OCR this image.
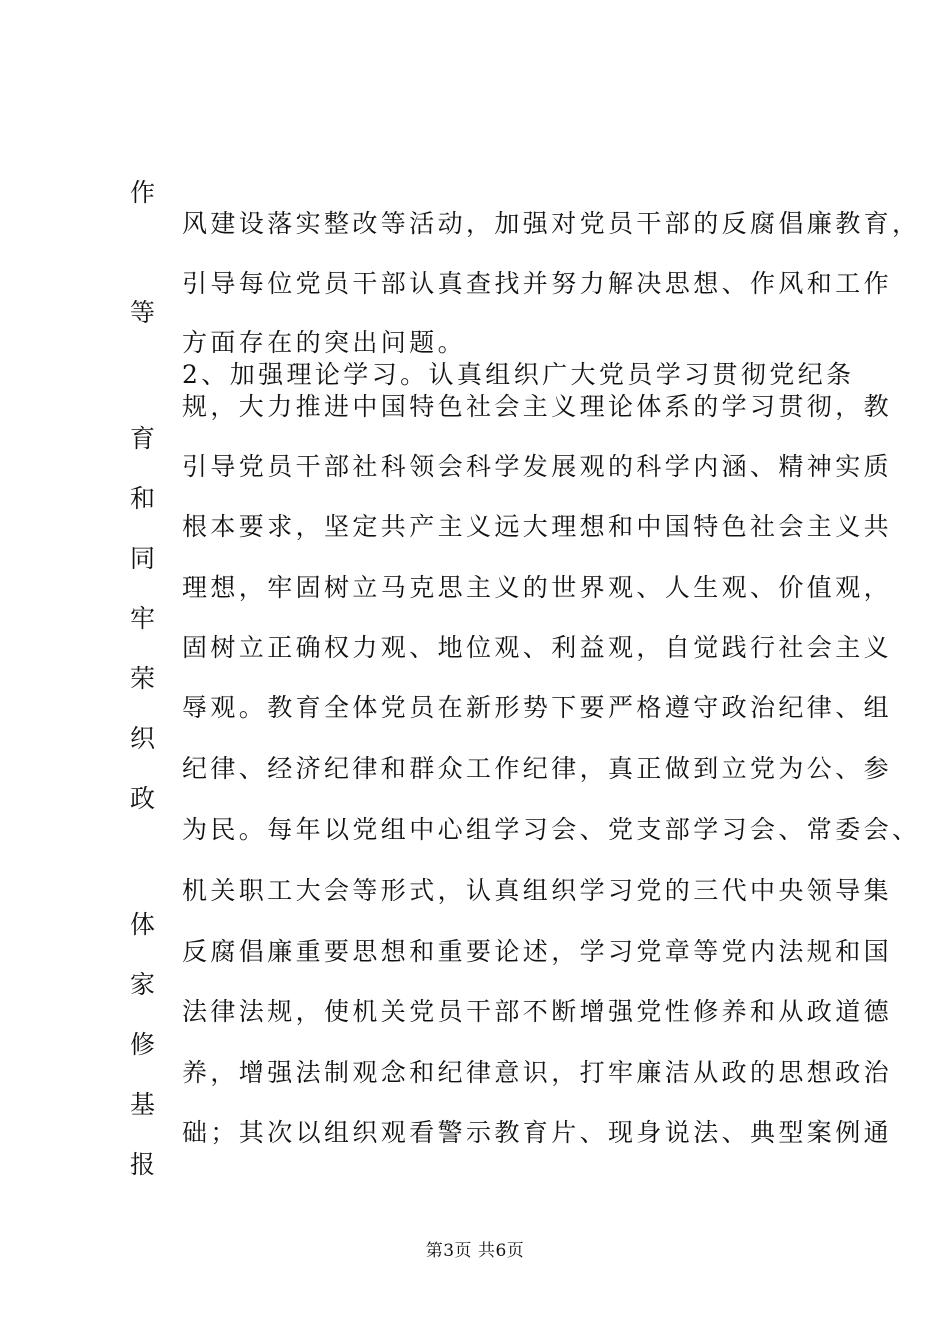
作
等
育
和
同
牢
荣
织
政
体
家
修
基
报
风建设落实整改等活动，加强对党员干部的反腐倡廉教育，
引导每位党员干部认真查找并努力解决思想、作风和工作
方面存在的突出问题。
2、加强理论学习。认真组织广大党员学习贯彻党纪条
规，大力推进中国特色社会主义理论体系的学习贯彻，教
引导党员干部社科领会科学发展观的科学内涵、精神实质
根本要求，坚定共产主义远大理想和中国特色社会主义共
理想，牢固树立马克思主义的世界观、人生观、价值观，
固树立正确权力观、地位观、利益观，自觉践行社会主义
辱观。教育全体党员在新形势下要严格遵守政治纪律、组
纪律、经济纪律和群众工作纪律，真正做到立党为公、参
为民。每年以党组中心组学习会、党支部学习会、常委会、
机关职工大会等形式，认真组织学习党的三代中央领导集
反腐倡廉重要思想和重要论述，学习党章等党内法规和国
法律法规，使机关党员干部不断增强党性修养和从政道德
养，增强法制观念和纪律意识，打牢廉洁从政的思想政治
础；其次以组织观看警示教育片、现身说法、典型案例通
第3页 共6页
